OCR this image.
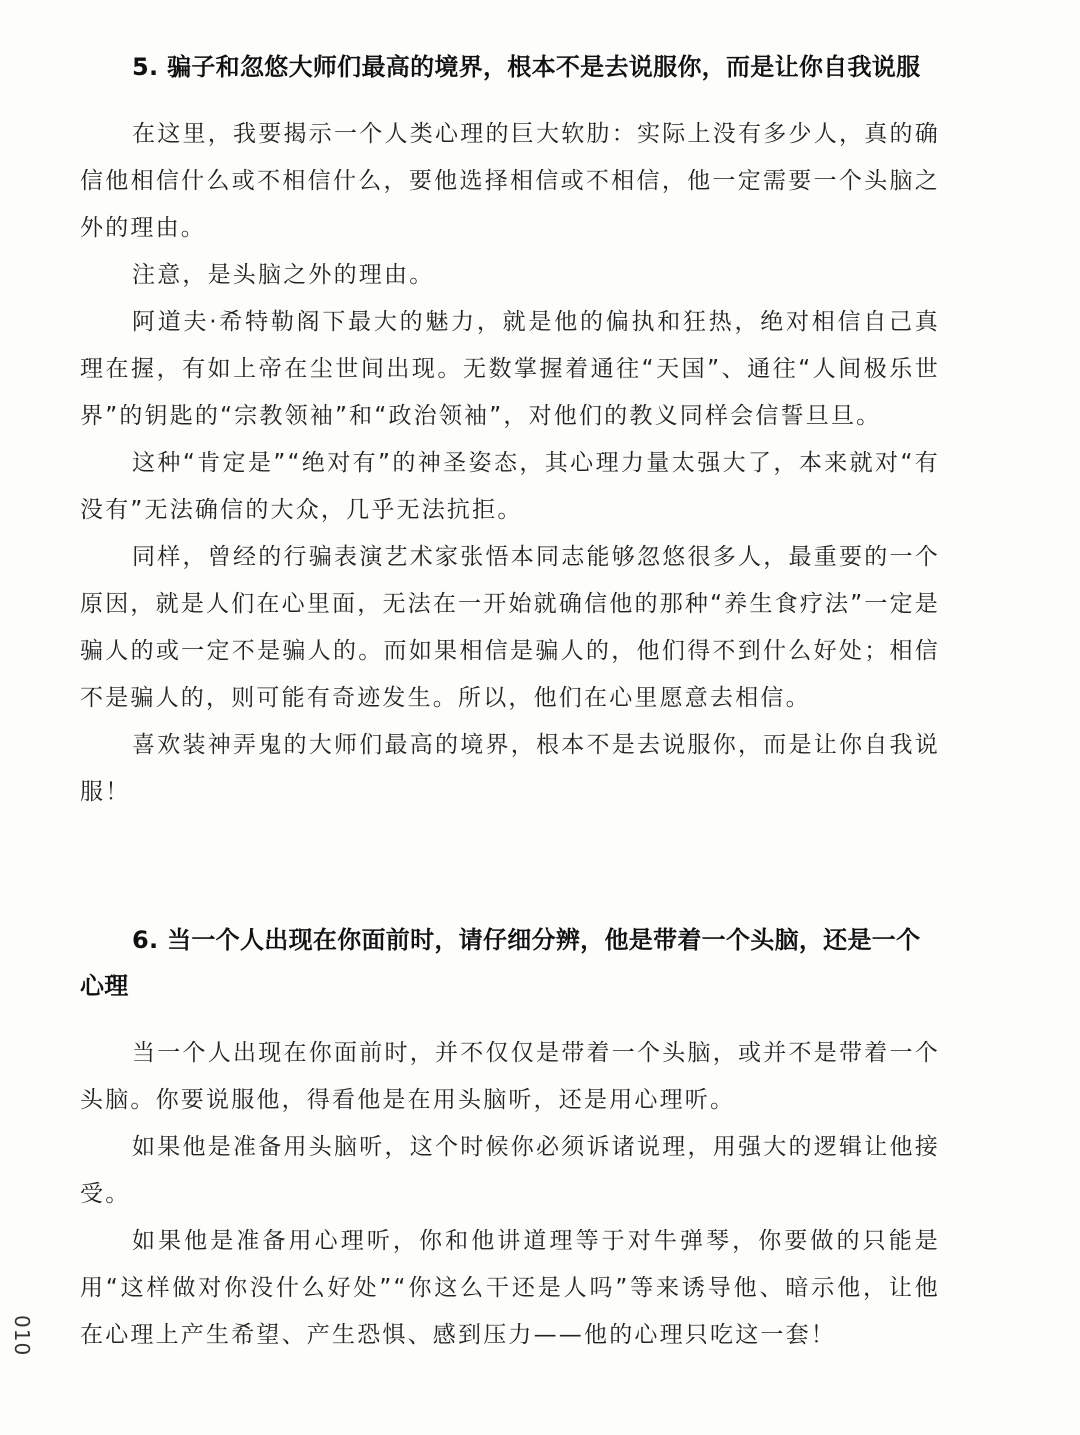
5. 骗子和忽悠大师们最高的境界，根本不是去说服你，而是让你自我说服

在这里，我要揭示一个人类心理的巨大软肋：实际上没有多少人，真的确信他相信什么或不相信什么，要他选择相信或不相信，他一定需要一个头脑之外的理由。

注意，是头脑之外的理由。

阿道夫·希特勒阁下最大的魅力，就是他的偏执和狂热，绝对相信自己真理在握，有如上帝在尘世间出现。无数掌握着通往“天国”、通往“人间极乐世界”的钥匙的“宗教领袖”和“政治领袖”，对他们的教义同样会信誓旦旦。

这种“肯定是”“绝对有”的神圣姿态，其心理力量太强大了，本来就对“有没有”无法确信的大众，几乎无法抗拒。

同样，曾经的行骗表演艺术家张悟本同志能够忽悠很多人，最重要的一个原因，就是人们在心里面，无法在一开始就确信他的那种“养生食疗法”一定是骗人的或一定不是骗人的。而如果相信是骗人的，他们得不到什么好处；相信不是骗人的，则可能有奇迹发生。所以，他们在心里愿意去相信。

喜欢装神弄鬼的大师们最高的境界，根本不是去说服你，而是让你自我说服！

6. 当一个人出现在你面前时，请仔细分辨，他是带着一个头脑，还是一个心理

当一个人出现在你面前时，并不仅仅是带着一个头脑，或并不是带着一个头脑。你要说服他，得看他是在用头脑听，还是用心理听。

如果他是准备用头脑听，这个时候你必须诉诸说理，用强大的逻辑让他接受。

如果他是准备用心理听，你和他讲道理等于对牛弹琴，你要做的只能是用“这样做对你没什么好处”“你这么干还是人吗”等来诱导他、暗示他，让他在心理上产生希望、产生恐惧、感到压力——他的心理只吃这一套！

010
